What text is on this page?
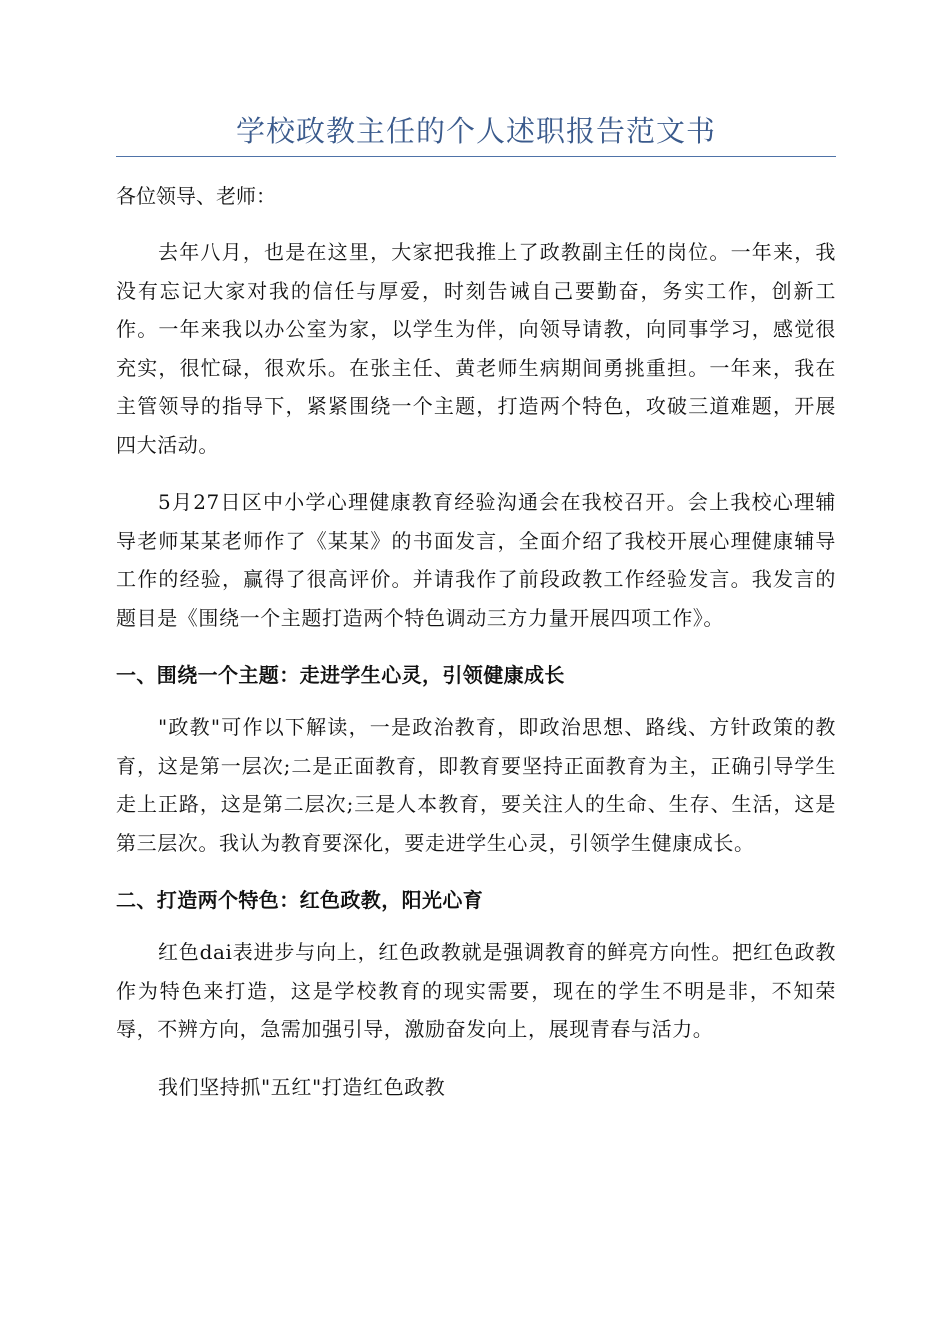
学校政教主任的个人述职报告范文书
各位领导、老师：

去年八月，也是在这里，大家把我推上了政教副主任的岗位。一年来，我没有忘记大家对我的信任与厚爱，时刻告诫自己要勤奋，务实工作，创新工作。一年来我以办公室为家，以学生为伴，向领导请教，向同事学习，感觉很充实，很忙碌，很欢乐。在张主任、黄老师生病期间勇挑重担。一年来，我在主管领导的指导下，紧紧围绕一个主题，打造两个特色，攻破三道难题，开展四大活动。

5月27日区中小学心理健康教育经验沟通会在我校召开。会上我校心理辅导老师某某老师作了《某某》的书面发言，全面介绍了我校开展心理健康辅导工作的经验，赢得了很高评价。并请我作了前段政教工作经验发言。我发言的题目是《围绕一个主题打造两个特色调动三方力量开展四项工作》。

一、围绕一个主题：走进学生心灵，引领健康成长

"政教"可作以下解读，一是政治教育，即政治思想、路线、方针政策的教育，这是第一层次;二是正面教育，即教育要坚持正面教育为主，正确引导学生走上正路，这是第二层次;三是人本教育，要关注人的生命、生存、生活，这是第三层次。我认为教育要深化，要走进学生心灵，引领学生健康成长。

二、打造两个特色：红色政教，阳光心育

红色dai表进步与向上，红色政教就是强调教育的鲜亮方向性。把红色政教作为特色来打造，这是学校教育的现实需要，现在的学生不明是非，不知荣辱，不辨方向，急需加强引导，激励奋发向上，展现青春与活力。

我们坚持抓"五红"打造红色政教
